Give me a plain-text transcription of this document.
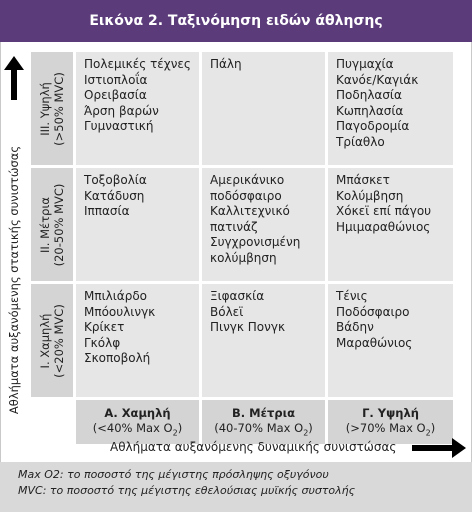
Εικόνα 2. Ταξινόμηση ειδών άθλησης
Αθλήματα αυξανόμενης στατικής συνιστώσας
III. Υψηλή (>50% MVC)
Πολεμικές τέχνες
Ιστιοπλοΐα
Ορειβασία
Άρση βαρών
Γυμναστική
Πάλη	Πυγμαχία
Κανόε/Καγιάκ
Ποδηλασία
Κωπηλασία
Παγοδρομία
Τρίαθλο
II. Μέτρια (20-50% MVC)
Τοξοβολία
Κατάδυση
Ιππασία
Αμερικάνικο
ποδόσφαιρο
Καλλιτεχνικό
πατινάζ
Συγχρονισμένη
κολύμβηση
Μπάσκετ
Κολύμβηση
Χόκεϊ επί πάγου
Ημιμαραθώνιος
I. Χαμηλή (<20% MVC)
Μπιλιάρδο
Μπόουλινγκ
Κρίκετ
Γκόλφ
Σκοποβολή
Ξιφασκία
Βόλεϊ
Πινγκ Πονγκ
Τένις
Ποδόσφαιρο
Βάδην
Μαραθώνιος
Α. Χαμηλή
(<40% Max $O_2$)
Β. Μέτρια
(40-70% Max $O_2$)
Γ. Υψηλή
(>70% Max $O_2$)
Αθλήματα αυξανόμενης δυναμικής συνιστώσας
Max O2: το ποσοστό της μέγιστης πρόσληψης οξυγόνου
MVC: το ποσοστό της μέγιστης εθελούσιας μυϊκής συστολής
